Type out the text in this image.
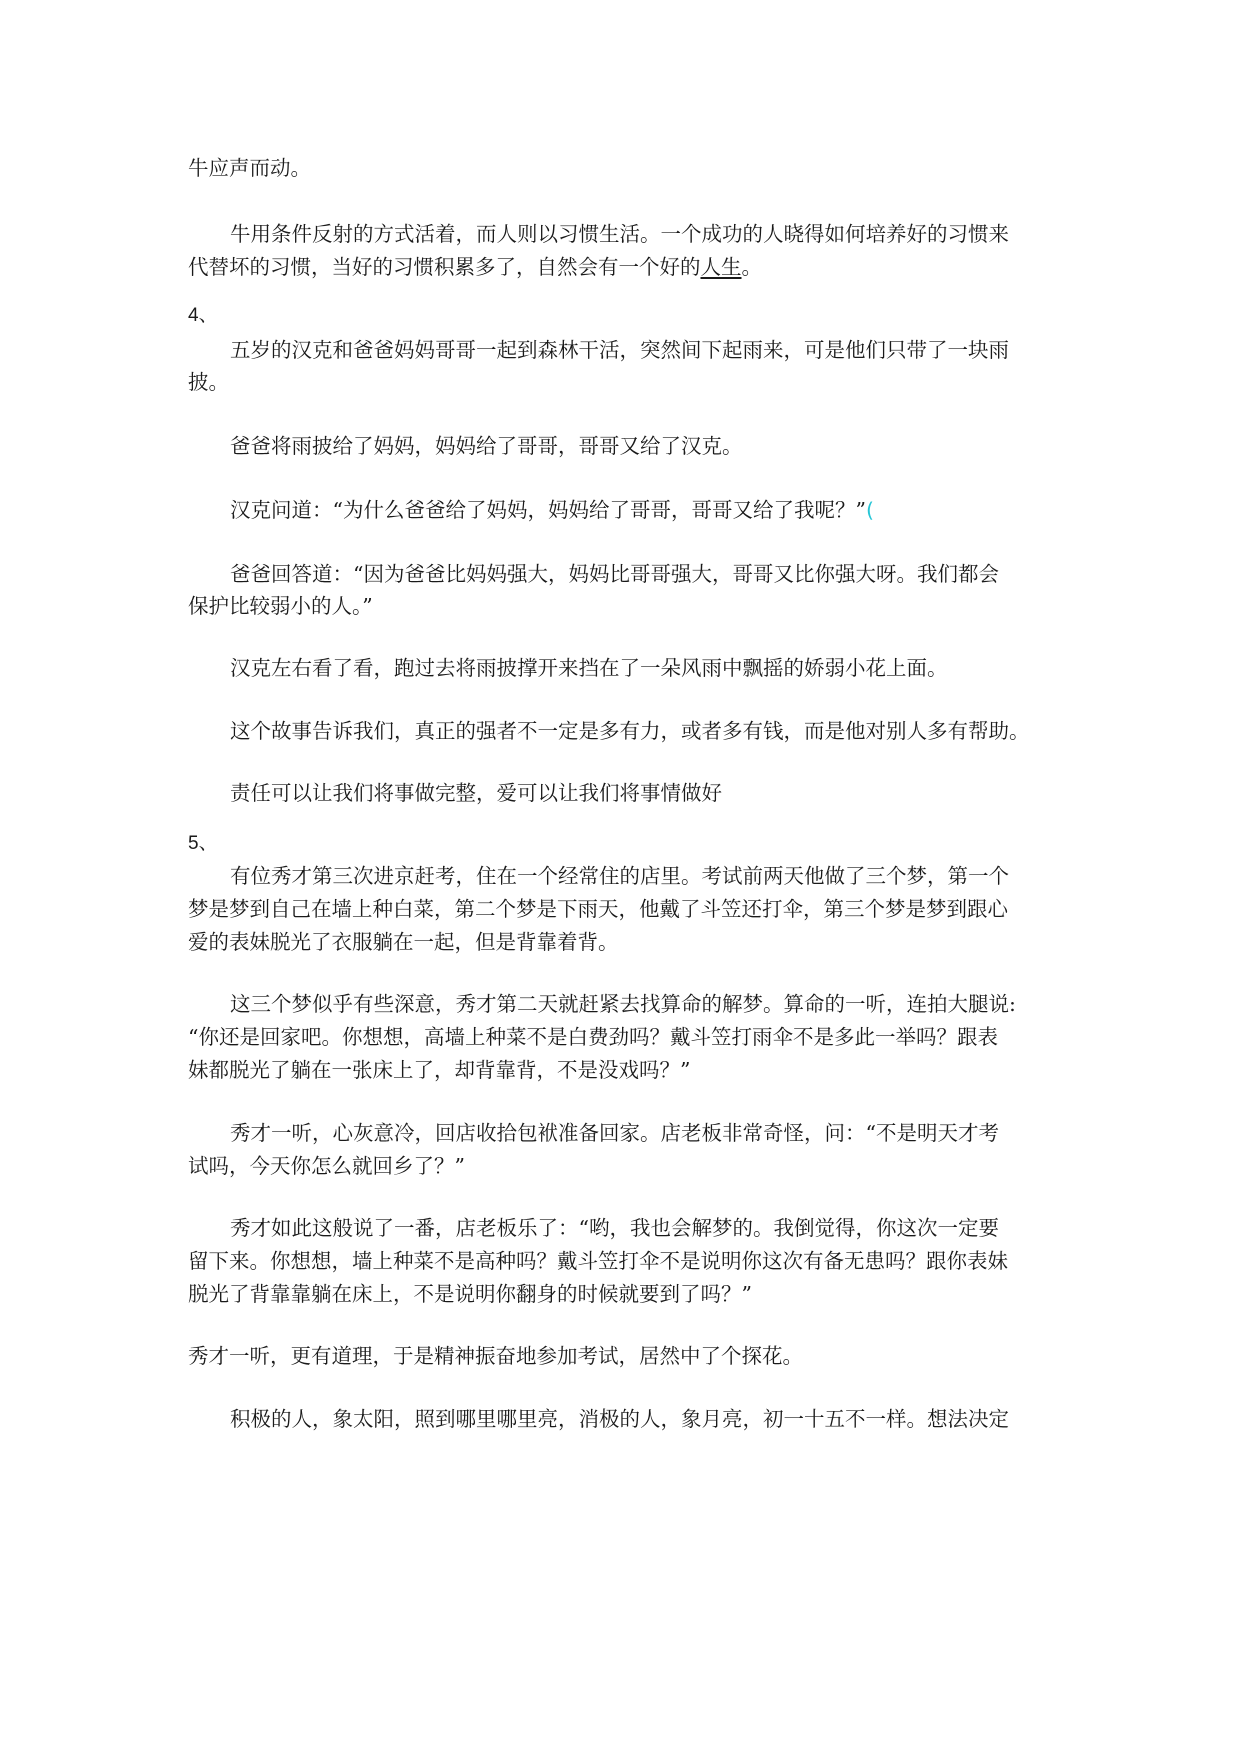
牛应声而动。
牛用条件反射的方式活着，而人则以习惯生活。一个成功的人晓得如何培养好的习惯来
代替坏的习惯，当好的习惯积累多了，自然会有一个好的人生。
4、
五岁的汉克和爸爸妈妈哥哥一起到森林干活，突然间下起雨来，可是他们只带了一块雨
披。
爸爸将雨披给了妈妈，妈妈给了哥哥，哥哥又给了汉克。
汉克问道：“为什么爸爸给了妈妈，妈妈给了哥哥，哥哥又给了我呢？”(
爸爸回答道：“因为爸爸比妈妈强大，妈妈比哥哥强大，哥哥又比你强大呀。我们都会
保护比较弱小的人。”
汉克左右看了看，跑过去将雨披撑开来挡在了一朵风雨中飘摇的娇弱小花上面。
这个故事告诉我们，真正的强者不一定是多有力，或者多有钱，而是他对别人多有帮助。
责任可以让我们将事做完整，爱可以让我们将事情做好
5、
有位秀才第三次进京赶考，住在一个经常住的店里。考试前两天他做了三个梦，第一个
梦是梦到自己在墙上种白菜，第二个梦是下雨天，他戴了斗笠还打伞，第三个梦是梦到跟心
爱的表妹脱光了衣服躺在一起，但是背靠着背。
这三个梦似乎有些深意，秀才第二天就赶紧去找算命的解梦。算命的一听，连拍大腿说:
“你还是回家吧。你想想，高墙上种菜不是白费劲吗？戴斗笠打雨伞不是多此一举吗？跟表
妹都脱光了躺在一张床上了，却背靠背，不是没戏吗？”
秀才一听，心灰意冷，回店收拾包袱准备回家。店老板非常奇怪，问：“不是明天才考
试吗，今天你怎么就回乡了？”
秀才如此这般说了一番，店老板乐了：“哟，我也会解梦的。我倒觉得，你这次一定要
留下来。你想想，墙上种菜不是高种吗？戴斗笠打伞不是说明你这次有备无患吗？跟你表妹
脱光了背靠靠躺在床上，不是说明你翻身的时候就要到了吗？”
秀才一听，更有道理，于是精神振奋地参加考试，居然中了个探花。
积极的人，象太阳，照到哪里哪里亮，消极的人，象月亮，初一十五不一样。想法决定
